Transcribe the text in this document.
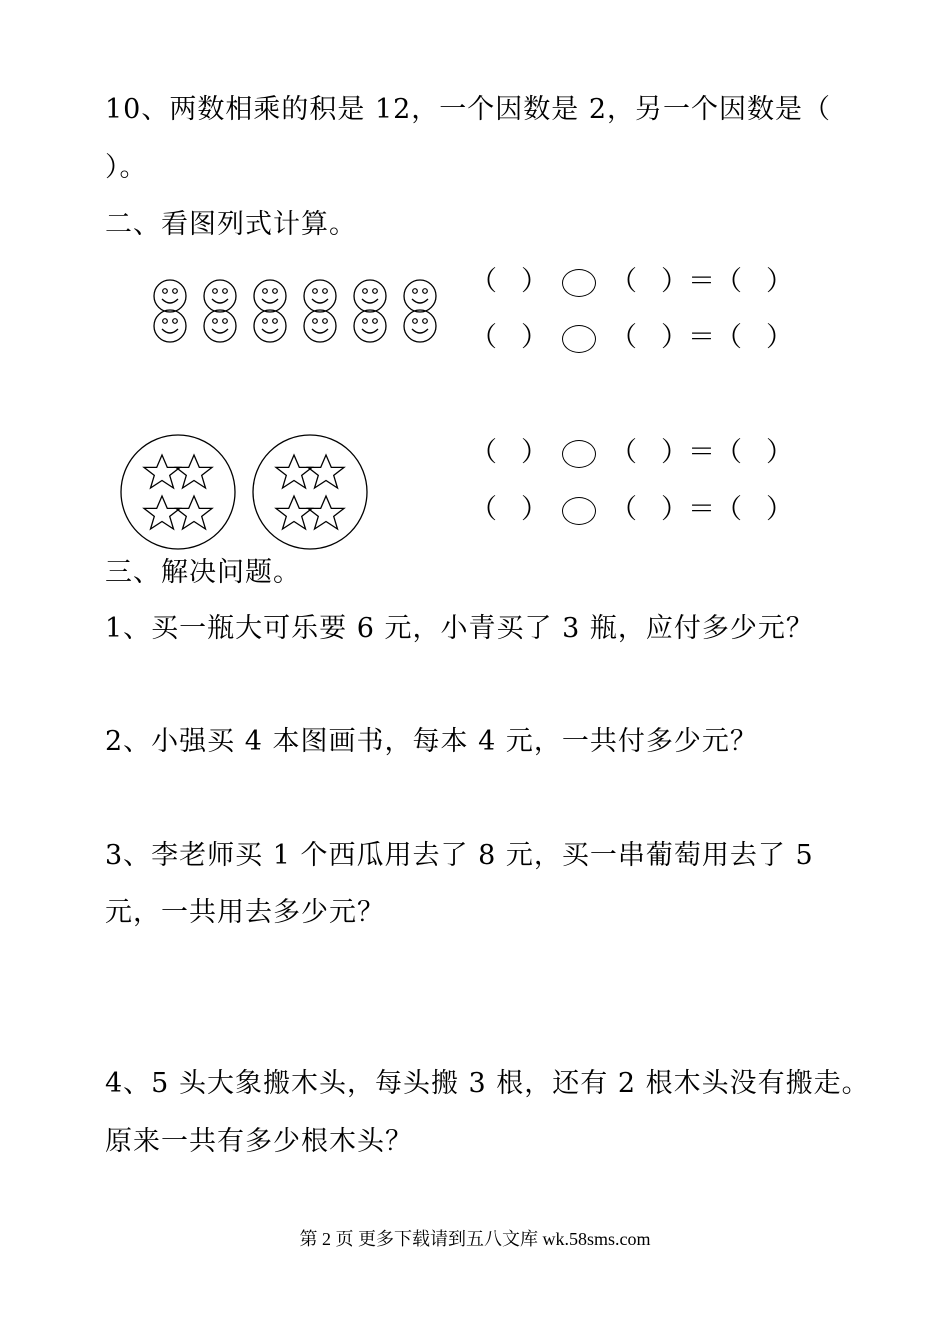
10、两数相乘的积是 12，一个因数是 2，另一个因数是（
）。
二、看图列式计算。
（ ） （ ）＝（ ）
（ ） （ ）＝（ ）
（ ） （ ）＝（ ）
（ ） （ ）＝（ ）
三、解决问题。
1、买一瓶大可乐要 6 元，小青买了 3 瓶，应付多少元？
2、小强买 4 本图画书，每本 4 元，一共付多少元？
3、李老师买 1 个西瓜用去了 8 元，买一串葡萄用去了 5
元，一共用去多少元？
4、5 头大象搬木头，每头搬 3 根，还有 2 根木头没有搬走。
原来一共有多少根木头？
第 2 页 更多下载请到五八文库 wk.58sms.com
